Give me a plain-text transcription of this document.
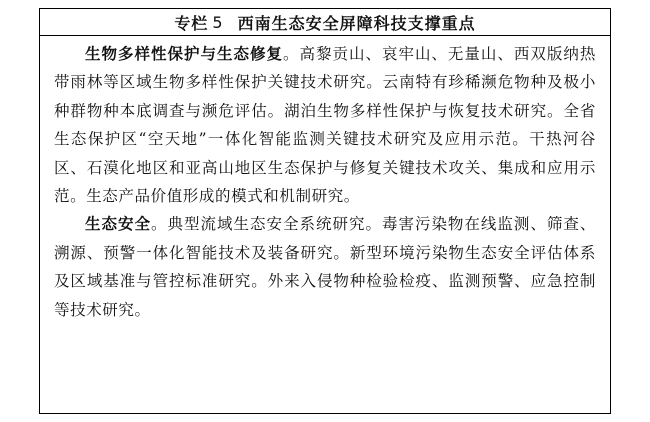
专栏 5 西南生态安全屏障科技支撑重点

生物多样性保护与生态修复。高黎贡山、哀牢山、无量山、西双版纳热带雨林等区域生物多样性保护关键技术研究。云南特有珍稀濒危物种及极小种群物种本底调查与濒危评估。湖泊生物多样性保护与恢复技术研究。全省生态保护区“空天地”一体化智能监测关键技术研究及应用示范。干热河谷区、石漠化地区和亚高山地区生态保护与修复关键技术攻关、集成和应用示范。生态产品价值形成的模式和机制研究。

生态安全。典型流域生态安全系统研究。毒害污染物在线监测、筛查、溯源、预警一体化智能技术及装备研究。新型环境污染物生态安全评估体系及区域基准与管控标准研究。外来入侵物种检验检疫、监测预警、应急控制等技术研究。
